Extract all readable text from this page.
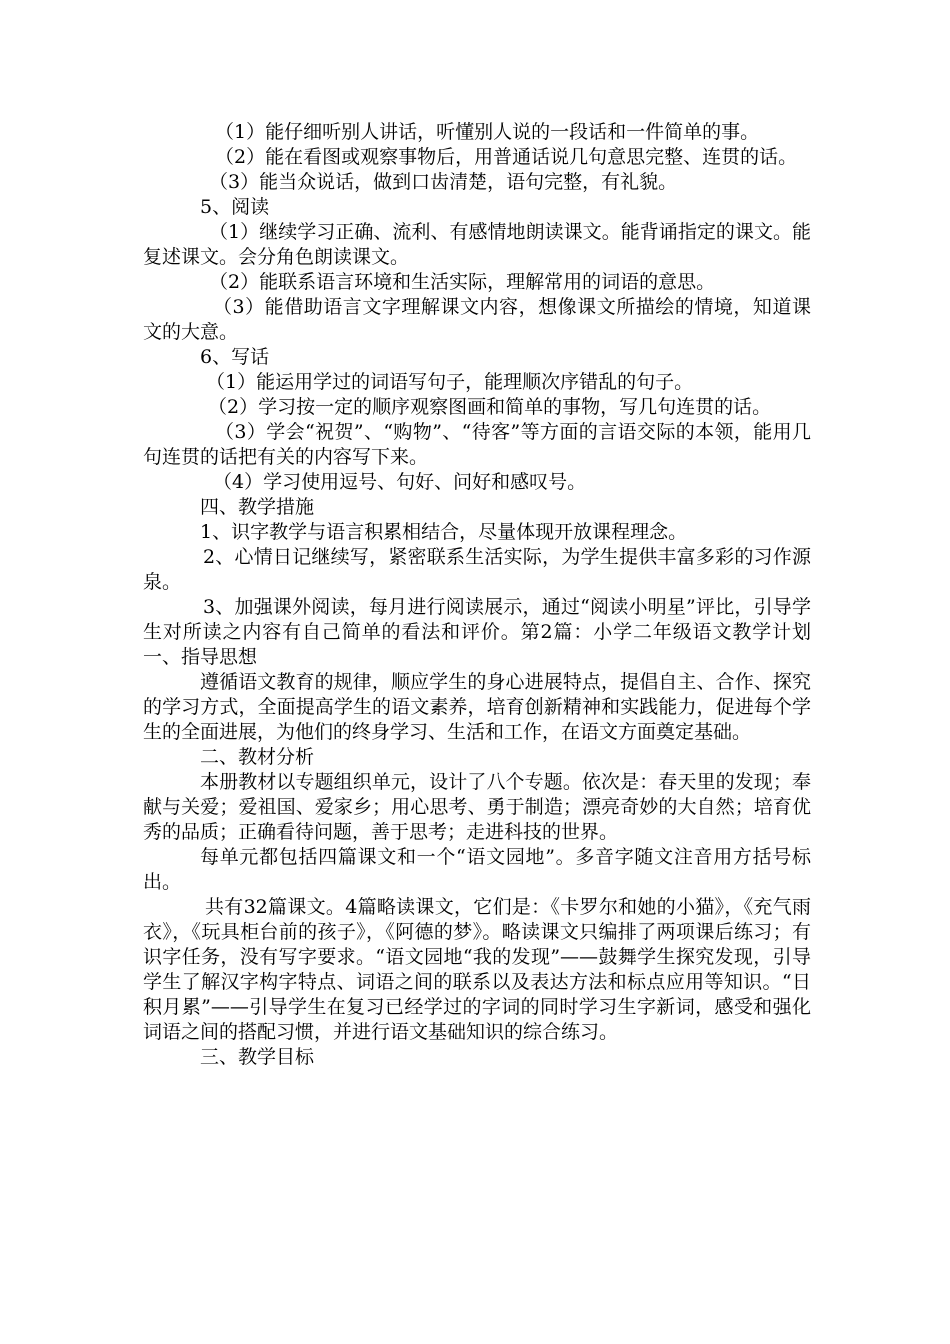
（1）能仔细听别人讲话，听懂别人说的一段话和一件简单的事。

（2）能在看图或观察事物后，用普通话说几句意思完整、连贯的话。

（3）能当众说话，做到口齿清楚，语句完整，有礼貌。

5、阅读

（1）继续学习正确、流利、有感情地朗读课文。能背诵指定的课文。能复述课文。会分角色朗读课文。

（2）能联系语言环境和生活实际，理解常用的词语的意思。

（3）能借助语言文字理解课文内容，想像课文所描绘的情境，知道课文的大意。

6、写话

（1）能运用学过的词语写句子，能理顺次序错乱的句子。

（2）学习按一定的顺序观察图画和简单的事物，写几句连贯的话。

（3）学会“祝贺”、“购物”、“待客”等方面的言语交际的本领，能用几句连贯的话把有关的内容写下来。

（4）学习使用逗号、句好、问好和感叹号。

四、教学措施

1、识字教学与语言积累相结合，尽量体现开放课程理念。

2、心情日记继续写，紧密联系生活实际，为学生提供丰富多彩的习作源泉。

3、加强课外阅读，每月进行阅读展示，通过“阅读小明星”评比，引导学生对所读之内容有自己简单的看法和评价。第2篇：小学二年级语文教学计划一、指导思想

遵循语文教育的规律，顺应学生的身心进展特点，提倡自主、合作、探究的学习方式，全面提高学生的语文素养，培育创新精神和实践能力，促进每个学生的全面进展，为他们的终身学习、生活和工作，在语文方面奠定基础。

二、教材分析

本册教材以专题组织单元，设计了八个专题。依次是：春天里的发现；奉献与关爱；爱祖国、爱家乡；用心思考、勇于制造；漂亮奇妙的大自然；培育优秀的品质；正确看待问题，善于思考；走进科技的世界。

每单元都包括四篇课文和一个“语文园地”。多音字随文注音用方括号标出。

共有32篇课文。4篇略读课文，它们是：《卡罗尔和她的小猫》，《充气雨衣》，《玩具柜台前的孩子》，《阿德的梦》。略读课文只编排了两项课后练习；有识字任务，没有写字要求。“语文园地“我的发现”——鼓舞学生探究发现，引导学生了解汉字构字特点、词语之间的联系以及表达方法和标点应用等知识。“日积月累”——引导学生在复习已经学过的字词的同时学习生字新词，感受和强化词语之间的搭配习惯，并进行语文基础知识的综合练习。

三、教学目标
